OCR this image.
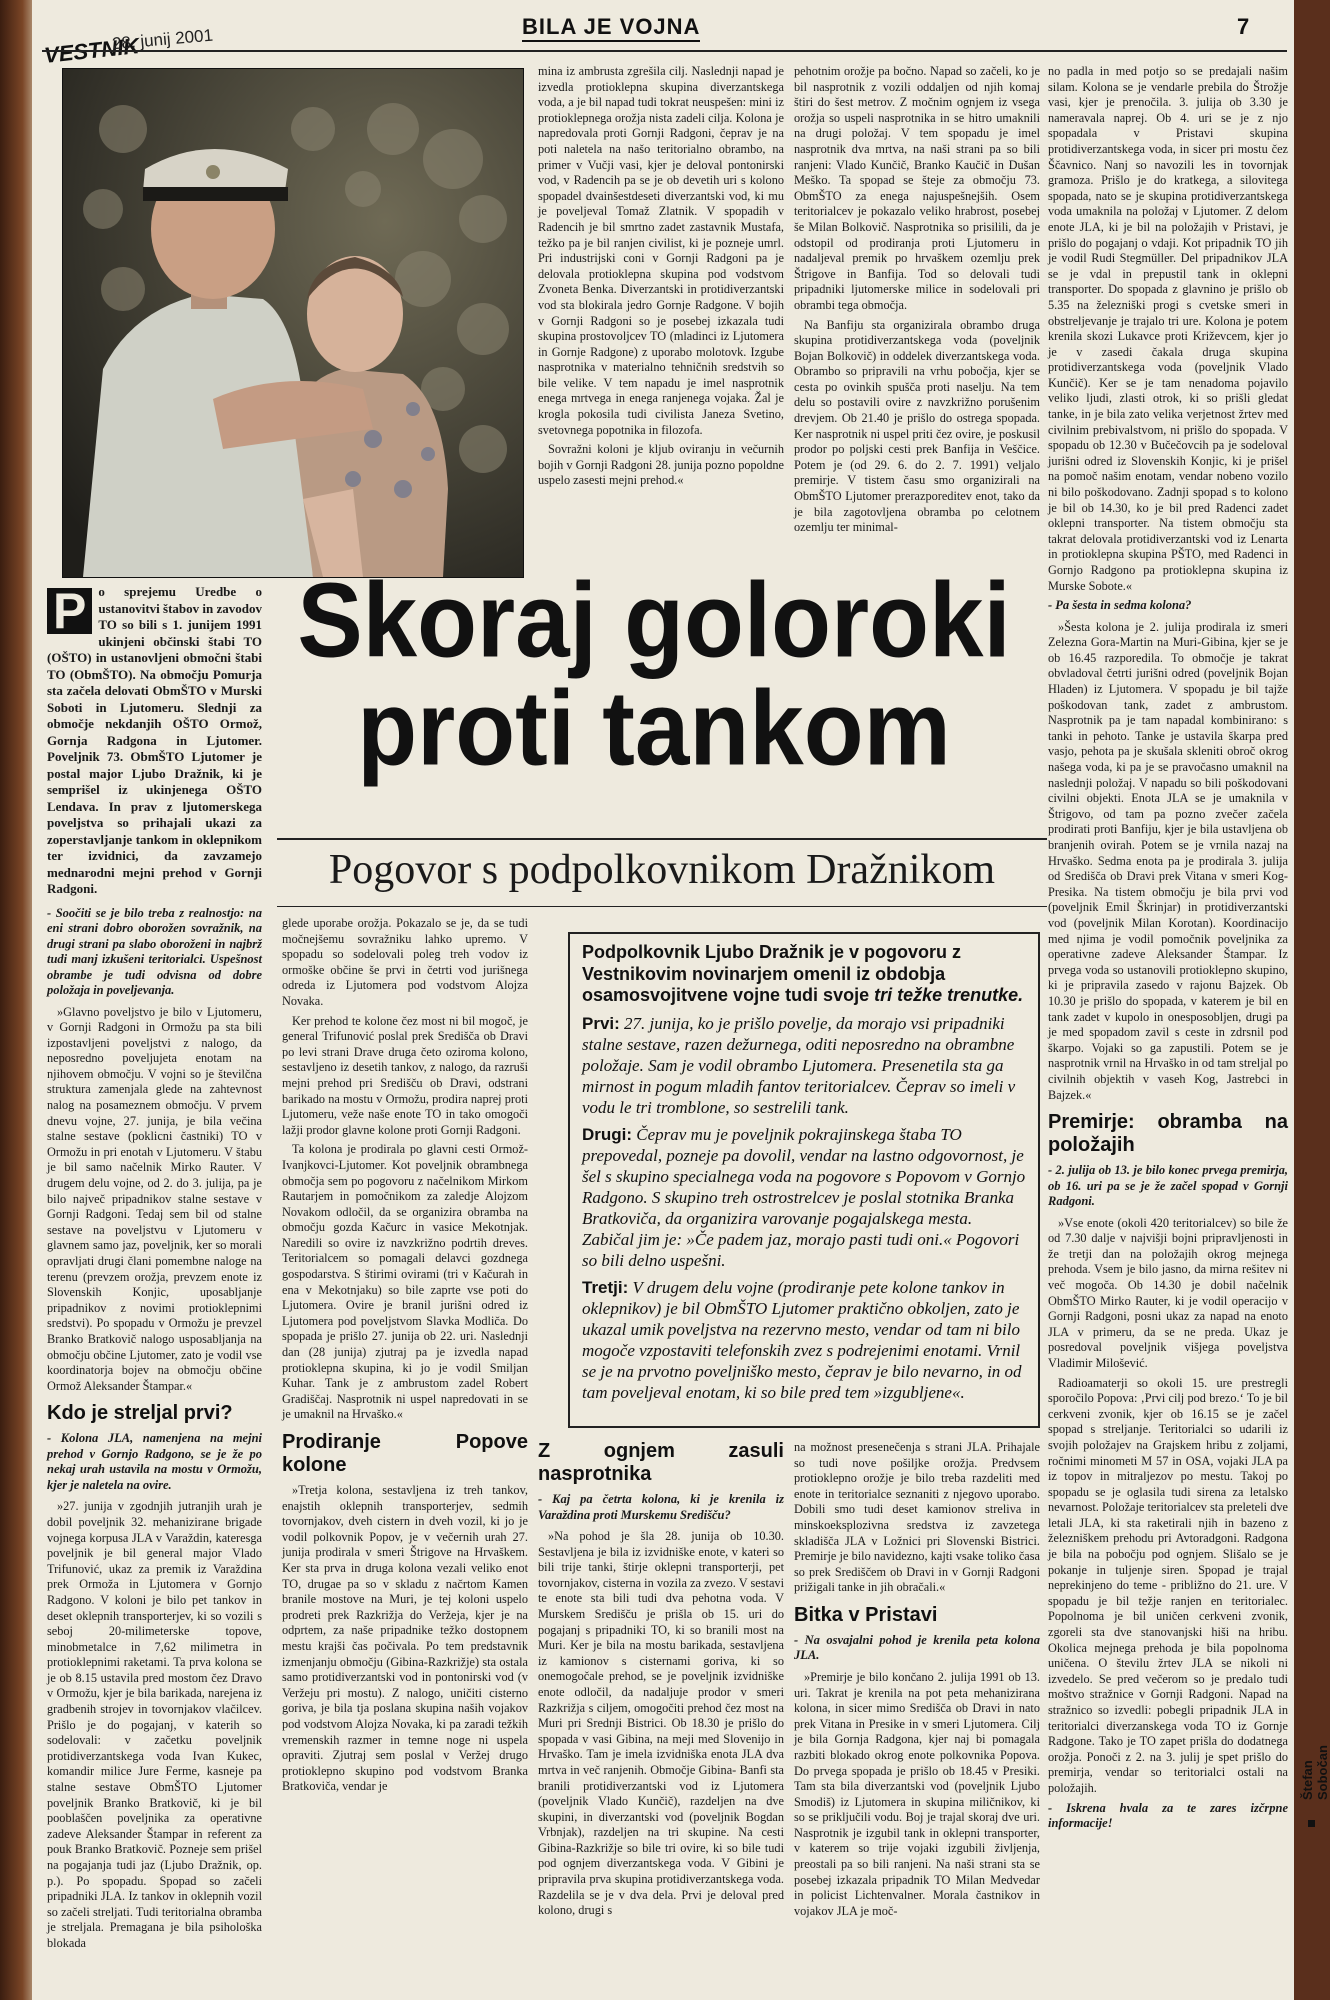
VESTNIK
28. junij 2001	BILA JE VOJNA	7
P o sprejemu Uredbe o ustanovitvi štabov in zavodov TO so bili s 1. junijem 1991 ukinjeni občinski štabi TO (OŠTO) in ustanovljeni območni štabi TO (ObmŠTO). Na območju Pomurja sta začela delovati ObmŠTO v Murski Soboti in Ljutomeru. Slednji za območje nekdanjih OŠTO Ormož, Gornja Radgona in Ljutomer. Poveljnik 73. ObmŠTO Ljutomer je postal major Ljubo Dražnik, ki je semprišel iz ukinjenega OŠTO Lendava. In prav z ljutomerskega poveljstva so prihajali ukazi za zoperstavljanje tankom in oklepnikom ter izvidnici, da zavzamejo mednarodni mejni prehod v Gornji Radgoni.
- Soočiti se je bilo treba z realnostjo: na eni strani dobro oborožen sovražnik, na drugi strani pa slabo oboroženi in najbrž tudi manj izkušeni teritorialci. Uspešnost obrambe je tudi odvisna od dobre položaja in poveljevanja.

»Glavno poveljstvo je bilo v Ljutomeru, v Gornji Radgoni in Ormožu pa sta bili izpostavljeni poveljstvi z nalogo, da neposredno poveljujeta enotam na njihovem območju. V vojni so je številčna struktura zamenjala glede na zahtevnost nalog na posameznem območju. V prvem dnevu vojne, 27. junija, je bila večina stalne sestave (poklicni častniki) TO v Ormožu in pri enotah v Ljutomeru. V štabu je bil samo načelnik Mirko Rauter. V drugem delu vojne, od 2. do 3. julija, pa je bilo največ pripadnikov stalne sestave v Gornji Radgoni. Tedaj sem bil od stalne sestave na poveljstvu v Ljutomeru v glavnem samo jaz, poveljnik, ker so morali opravljati drugi člani pomembne naloge na terenu (prevzem orožja, prevzem enote iz Slovenskih Konjic, uposabljanje pripadnikov z novimi protioklepnimi sredstvi). Po spopadu v Ormožu je prevzel Branko Bratkovič nalogo usposabljanja na območju občine Ljutomer, zato je vodil vse koordinatorja bojev na območju občine Ormož Aleksander Štampar.«

Kdo je streljal prvi?
- Kolona JLA, namenjena na mejni prehod v Gornjo Radgono, se je že po nekaj urah ustavila na mostu v Ormožu, kjer je naletela na ovire.

»27. junija v zgodnjih jutranjih urah je dobil poveljnik 32. mehanizirane brigade vojnega korpusa JLA v Varaždin, kateresga poveljnik je bil general major Vlado Trifunović, ukaz za premik iz Varaždina prek Ormoža in Ljutomera v Gornjo Radgono. V koloni je bilo pet tankov in deset oklepnih transporterjev, ki so vozili s seboj 20-milimeterske topove, minobmetalce in 7,62 milimetra in protioklepnimi raketami. Ta prva kolona se je ob 8.15 ustavila pred mostom čez Dravo v Ormožu, kjer je bila barikada, narejena iz gradbenih strojev in tovornjakov vlačilcev. Prišlo je do pogajanj, v katerih so sodelovali: v začetku poveljnik protidiverzantskega voda Ivan Kukec, komandir milice Jure Ferme, kasneje pa stalne sestave ObmŠTO Ljutomer poveljnik Branko Bratkovič, ki je bil pooblaščen poveljnika za operativne zadeve Aleksander Štampar in referent za pouk Branko Bratkovič. Pozneje sem prišel na pogajanja tudi jaz (Ljubo Dražnik, op. p.). Po spopadu. Spopad so začeli pripadniki JLA. Iz tankov in oklepnih vozil so začeli streljati. Tudi teritorialna obramba je streljala. Premagana je bila psihološka blokada

mina iz ambrusta zgrešila cilj. Naslednji napad je izvedla protioklepna skupina diverzantskega voda, a je bil napad tudi tokrat neuspešen: mini iz protioklepnega orožja nista zadeli cilja. Kolona je napredovala proti Gornji Radgoni, čeprav je na poti naletela na našo teritorialno obrambo, na primer v Vučji vasi, kjer je deloval pontonirski vod, v Radencih pa se je ob devetih uri s kolono spopadel dvainšestdeseti diverzantski vod, ki mu je poveljeval Tomaž Zlatnik. V spopadih v Radencih je bil smrtno zadet zastavnik Mustafa, težko pa je bil ranjen civilist, ki je pozneje umrl. Pri industrijski coni v Gornji Radgoni pa je delovala protioklepna skupina pod vodstvom Zvoneta Benka. Diverzantski in protidiverzantski vod sta blokirala jedro Gornje Radgone. V bojih v Gornji Radgoni so je posebej izkazala tudi skupina prostovoljcev TO (mladinci iz Ljutomera in Gornje Radgone) z uporabo molotovk. Izgube nasprotnika v materialno tehničnih sredstvih so bile velike. V tem napadu je imel nasprotnik enega mrtvega in enega ranjenega vojaka. Žal je krogla pokosila tudi civilista Janeza Svetino, svetovnega popotnika in filozofa.

Sovražni koloni je kljub oviranju in večurnih bojih v Gornji Radgoni 28. junija pozno popoldne uspelo zasesti mejni prehod.«

pehotnim orožje pa bočno. Napad so začeli, ko je bil nasprotnik z vozili oddaljen od njih komaj štiri do šest metrov. Z močnim ognjem iz vsega orožja so uspeli nasprotnika in se hitro umaknili na drugi položaj. V tem spopadu je imel nasprotnik dva mrtva, na naši strani pa so bili ranjeni: Vlado Kunčič, Branko Kaučič in Dušan Meško. Ta spopad se šteje za območju 73. ObmŠTO za enega najuspešnejših. Osem teritorialcev je pokazalo veliko hrabrost, posebej še Milan Bolkovič. Nasprotnika so prisilili, da je odstopil od prodiranja proti Ljutomeru in nadaljeval premik po hrvaškem ozemlju prek Štrigove in Banfija. Tod so delovali tudi pripadniki ljutomerske milice in sodelovali pri obrambi tega območja.

Na Banfiju sta organizirala obrambo druga skupina protidiverzantskega voda (poveljnik Bojan Bolkovič) in oddelek diverzantskega voda. Obrambo so pripravili na vrhu pobočja, kjer se cesta po ovinkih spušča proti naselju. Na tem delu so postavili ovire z navzkrižno porušenim drevjem. Ob 21.40 je prišlo do ostrega spopada. Ker nasprotnik ni uspel priti čez ovire, je poskusil prodor po poljski cesti prek Banfija in Veščice. Potem je (od 29. 6. do 2. 7. 1991) veljalo premirje. V tistem času smo organizirali na ObmŠTO Ljutomer prerazporeditev enot, tako da je bila zagotovljena obramba po celotnem ozemlju ter minimal-

no padla in med potjo so se predajali našim silam. Kolona se je vendarle prebila do Štrožje vasi, kjer je prenočila. 3. julija ob 3.30 je nameravala naprej. Ob 4. uri se je z njo spopadala v Pristavi skupina protidiverzantskega voda, in sicer pri mostu čez Ščavnico. Nanj so navozili les in tovornjak gramoza. Prišlo je do kratkega, a silovitega spopada, nato se je skupina protidiverzantskega voda umaknila na položaj v Ljutomer. Z delom enote JLA, ki je bil na položajih v Pristavi, je prišlo do pogajanj o vdaji. Kot pripadnik TO jih je vodil Rudi Stegmüller. Del pripadnikov JLA se je vdal in prepustil tank in oklepni transporter. Do spopada z glavnino je prišlo ob 5.35 na železniški progi s cvetske smeri in obstreljevanje je trajalo tri ure. Kolona je potem krenila skozi Lukavce proti Križevcem, kjer jo je v zasedi čakala druga skupina protidiverzantskega voda (poveljnik Vlado Kunčič). Ker se je tam nenadoma pojavilo veliko ljudi, zlasti otrok, ki so prišli gledat tanke, in je bila zato velika verjetnost žrtev med civilnim prebivalstvom, ni prišlo do spopada. V spopadu ob 12.30 v Bučečovcih pa je sodeloval jurišni odred iz Slovenskih Konjic, ki je prišel na pomoč našim enotam, vendar nobeno vozilo ni bilo poškodovano. Zadnji spopad s to kolono je bil ob 14.30, ko je bil pred Radenci zadet oklepni transporter. Na tistem območju sta takrat delovala protidiverzantski vod iz Lenarta in protioklepna skupina PŠTO, med Radenci in Gornjo Radgono pa protioklepna skupina iz Murske Sobote.«

- Pa šesta in sedma kolona?

»Šesta kolona je 2. julija prodirala iz smeri Zelezna Gora-Martin na Muri-Gibina, kjer se je ob 16.45 razporedila. To območje je takrat obvladoval četrti jurišni odred (poveljnik Bojan Hladen) iz Ljutomera. V spopadu je bil tajže poškodovan tank, zadet z ambrustom. Nasprotnik pa je tam napadal kombinirano: s tanki in pehoto. Tanke je ustavila škarpa pred vasjo, pehota pa je skušala skleniti obroč okrog našega voda, ki pa je se pravočasno umaknil na naslednji položaj. V napadu so bili poškodovani civilni objekti. Enota JLA se je umaknila v Štrigovo, od tam pa pozno zvečer začela prodirati proti Banfiju, kjer je bila ustavljena ob branjenih ovirah. Potem se je vrnila nazaj na Hrvaško. Sedma enota pa je prodirala 3. julija od Središča ob Dravi prek Vitana v smeri Kog-Presika. Na tistem območju je bila prvi vod (poveljnik Emil Škrinjar) in protidiverzantski vod (poveljnik Milan Korotan). Koordinacijo med njima je vodil pomočnik poveljnika za operativne zadeve Aleksander Štampar. Iz prvega voda so ustanovili protioklepno skupino, ki je pripravila zasedo v rajonu Bajzek. Ob 10.30 je prišlo do spopada, v katerem je bil en tank zadet v kupolo in onesposobljen, drugi pa je med spopadom zavil s ceste in zdrsnil pod škarpo. Vojaki so ga zapustili. Potem se je nasprotnik vrnil na Hrvaško in od tam streljal po civilnih objektih v vaseh Kog, Jastrebci in Bajzek.«

Premirje: obramba na položajih
- 2. julija ob 13. je bilo konec prvega premirja, ob 16. uri pa se je že začel spopad v Gornji Radgoni.

»Vse enote (okoli 420 teritorialcev) so bile že od 7.30 dalje v najvišji bojni pripravljenosti in že tretji dan na položajih okrog mejnega prehoda. Vsem je bilo jasno, da mirna rešitev ni več mogoča. Ob 14.30 je dobil načelnik ObmŠTO Mirko Rauter, ki je vodil operacijo v Gornji Radgoni, posni ukaz za napad na enoto JLA v primeru, da se ne preda. Ukaz je posredoval poveljnik višjega poveljstva Vladimir Milošević.

Radioamaterji so okoli 15. ure prestregli sporočilo Popova: ‚Prvi cilj pod brezo.‘ To je bil cerkveni zvonik, kjer ob 16.15 se je začel spopad s streljanje. Teritorialci so udarili iz svojih položajev na Grajskem hribu z zoljami, ročnimi minometi M 57 in OSA, vojaki JLA pa iz topov in mitraljezov po mestu. Takoj po spopadu se je oglasila tudi sirena za letalsko nevarnost. Položaje teritorialcev sta preleteli dve letali JLA, ki sta raketirali njih in bazeno z železniškem prehodu pri Avtoradgoni. Radgona je bila na pobočju pod ognjem. Slišalo se je pokanje in tuljenje siren. Spopad je trajal neprekinjeno do teme - približno do 21. ure. V spopadu je bil težje ranjen en teritorialec. Popolnoma je bil uničen cerkveni zvonik, zgoreli sta dve stanovanjski hiši na hribu. Okolica mejnega prehoda je bila popolnoma uničena. O številu žrtev JLA se nikoli ni izvedelo. Se pred večerom so je predalo tudi moštvo stražnice v Gornji Radgoni. Napad na stražnico so izvedli: pobegli pripadnik JLA in teritorialci diverzanskega voda TO iz Gornje Radgone. Tako je TO zapet prišla do dodatnega orožja. Ponoči z 2. na 3. julij je spet prišlo do premirja, vendar so teritorialci ostali na položajih.

- Iskrena hvala za te zares izčrpne informacije!
Skoraj goloroki
proti tankom
Pogovor s podpolkovnikom Dražnikom

glede uporabe orožja. Pokazalo se je, da se tudi močnejšemu sovražniku lahko upremo. V spopadu so sodelovali poleg treh vodov iz ormoške občine še prvi in četrti vod jurišnega odreda iz Ljutomera pod vodstvom Alojza Novaka.

Ker prehod te kolone čez most ni bil mogoč, je general Trifunović poslal prek Središča ob Dravi po levi strani Drave druga četo oziroma kolono, sestavljeno iz desetih tankov, z nalogo, da razruši mejni prehod pri Središču ob Dravi, odstrani barikado na mostu v Ormožu, prodira naprej proti Ljutomeru, veže naše enote TO in tako omogoči lažji prodor glavne kolone proti Gornji Radgoni.

Ta kolona je prodirala po glavni cesti Ormož-Ivanjkovci-Ljutomer. Kot poveljnik obrambnega območja sem po pogovoru z načelnikom Mirkom Rautarjem in pomočnikom za zaledje Alojzom Novakom odločil, da se organizira obramba na območju gozda Kačurc in vasice Mekotnjak. Naredili so ovire iz navzkrižno podrtih dreves. Teritorialcem so pomagali delavci gozdnega gospodarstva. S štirimi ovirami (tri v Kačurah in ena v Mekotnjaku) so bile zaprte vse poti do Ljutomera. Ovire je branil jurišni odred iz Ljutomera pod poveljstvom Slavka Modliča. Do spopada je prišlo 27. junija ob 22. uri. Naslednji dan (28 junija) zjutraj pa je izvedla napad protioklepna skupina, ki jo je vodil Smiljan Kuhar. Tank je z ambrustom zadel Robert Gradiščaj. Nasprotnik ni uspel napredovati in se je umaknil na Hrvaško.«

Prodiranje Popove kolone

»Tretja kolona, sestavljena iz treh tankov, enajstih oklepnih transporterjev, sedmih tovornjakov, dveh cistern in dveh vozil, ki jo je vodil polkovnik Popov, je v večernih urah 27. junija prodirala v smeri Štrigove na Hrvaškem. Ker sta prva in druga kolona vezali veliko enot TO, drugae pa so v skladu z načrtom Kamen branile mostove na Muri, je tej koloni uspelo prodreti prek Razkrižja do Veržeja, kjer je na odprtem, za naše pripadnike težko dostopnem mestu krajši čas počivala. Po tem predstavnik izmenjanju območju (Gibina-Razkrižje) sta ostala samo protidiverzantski vod in pontonirski vod (v Veržeju pri mostu). Z nalogo, uničiti cisterno goriva, je bila tja poslana skupina naših vojakov pod vodstvom Alojza Novaka, ki pa zaradi težkih vremenskih razmer in temne noge ni uspela opraviti. Zjutraj sem poslal v Veržej drugo protioklepno skupino pod vodstvom Branka Bratkoviča, vendar je

Podpolkovnik Ljubo Dražnik je v pogovoru z Vestnikovim novinarjem omenil iz obdobja osamosvojitvene vojne tudi svoje tri težke trenutke.

Prvi: 27. junija, ko je prišlo povelje, da morajo vsi pripadniki stalne sestave, razen dežurnega, oditi neposredno na obrambne položaje. Sam je vodil obrambo Ljutomera. Presenetila sta ga mirnost in pogum mladih fantov teritorialcev. Čeprav so imeli v vodu le tri tromblone, so sestrelili tank.

Drugi: Čeprav mu je poveljnik pokrajinskega štaba TO prepovedal, pozneje pa dovolil, vendar na lastno odgovornost, je šel s skupino specialnega voda na pogovore s Popovom v Gornjo Radgono. S skupino treh ostrostrelcev je poslal stotnika Branka Bratkoviča, da organizira varovanje pogajalskega mesta. Zabičal jim je: »Če padem jaz, morajo pasti tudi oni.« Pogovori so bili delno uspešni.

Tretji: V drugem delu vojne (prodiranje pete kolone tankov in oklepnikov) je bil ObmŠTO Ljutomer praktično obkoljen, zato je ukazal umik poveljstva na rezervno mesto, vendar od tam ni bilo mogoče vzpostaviti telefonskih zvez s podrejenimi enotami. Vrnil se je na prvotno poveljniško mesto, čeprav je bilo nevarno, in od tam poveljeval enotam, ki so bile pred tem »izgubljene«.

Z ognjem zasuli nasprotnika
- Kaj pa četrta kolona, ki je krenila iz Varaždina proti Murskemu Središču?

»Na pohod je šla 28. junija ob 10.30. Sestavljena je bila iz izvidniške enote, v kateri so bili trije tanki, štirje oklepni transporterji, pet tovornjakov, cisterna in vozila za zvezo. V sestavi te enote sta bili tudi dva pehotna voda. V Murskem Središču je prišla ob 15. uri do pogajanj s pripadniki TO, ki so branili most na Muri. Ker je bila na mostu barikada, sestavljena iz kamionov s cisternami goriva, ki so onemogočale prehod, se je poveljnik izvidniške enote odločil, da nadaljuje prodor v smeri Razkrižja s ciljem, omogočiti prehod čez most na Muri pri Srednji Bistrici. Ob 18.30 je prišlo do spopada v vasi Gibina, na meji med Slovenijo in Hrvaško. Tam je imela izvidniška enota JLA dva mrtva in več ranjenih. Območje Gibina- Banfi sta branili protidiverzantski vod iz Ljutomera (poveljnik Vlado Kunčič), razdeljen na dve skupini, in diverzantski vod (poveljnik Bogdan Vrbnjak), razdeljen na tri skupine. Na cesti Gibina-Razkrižje so bile tri ovire, ki so bile tudi pod ognjem diverzantskega voda. V Gibini je pripravila prva skupina protidiverzantskega voda. Razdelila se je v dva dela. Prvi je deloval pred kolono, drugi s

na možnost presenečenja s strani JLA. Prihajale so tudi nove pošiljke orožja. Predvsem protioklepno orožje je bilo treba razdeliti med enote in teritorialce seznaniti z njegovo uporabo. Dobili smo tudi deset kamionov streliva in minskoeksplozivna sredstva iz zavzetega skladišča JLA v Ložnici pri Slovenski Bistrici. Premirje je bilo navidezno, kajti vsake toliko časa so prek Središčem ob Dravi in v Gornji Radgoni prižigali tanke in jih obračali.«

Bitka v Pristavi
- Na osvajalni pohod je krenila peta kolona JLA.

»Premirje je bilo končano 2. julija 1991 ob 13. uri. Takrat je krenila na pot peta mehanizirana kolona, in sicer mimo Središča ob Dravi in nato prek Vitana in Presike in v smeri Ljutomera. Cilj je bila Gornja Radgona, kjer naj bi pomagala razbiti blokado okrog enote polkovnika Popova. Do prvega spopada je prišlo ob 18.45 v Presiki. Tam sta bila diverzantski vod (poveljnik Ljubo Smodiš) iz Ljutomera in skupina miličnikov, ki so se priključili vodu. Boj je trajal skoraj dve uri. Nasprotnik je izgubil tank in oklepni transporter, v katerem so trije vojaki izgubili življenja, preostali pa so bili ranjeni. Na naši strani sta se posebej izkazala pripadnik TO Milan Medvedar in policist Lichtenvalner. Morala častnikov in vojakov JLA je moč-

Štefan Sobočan
